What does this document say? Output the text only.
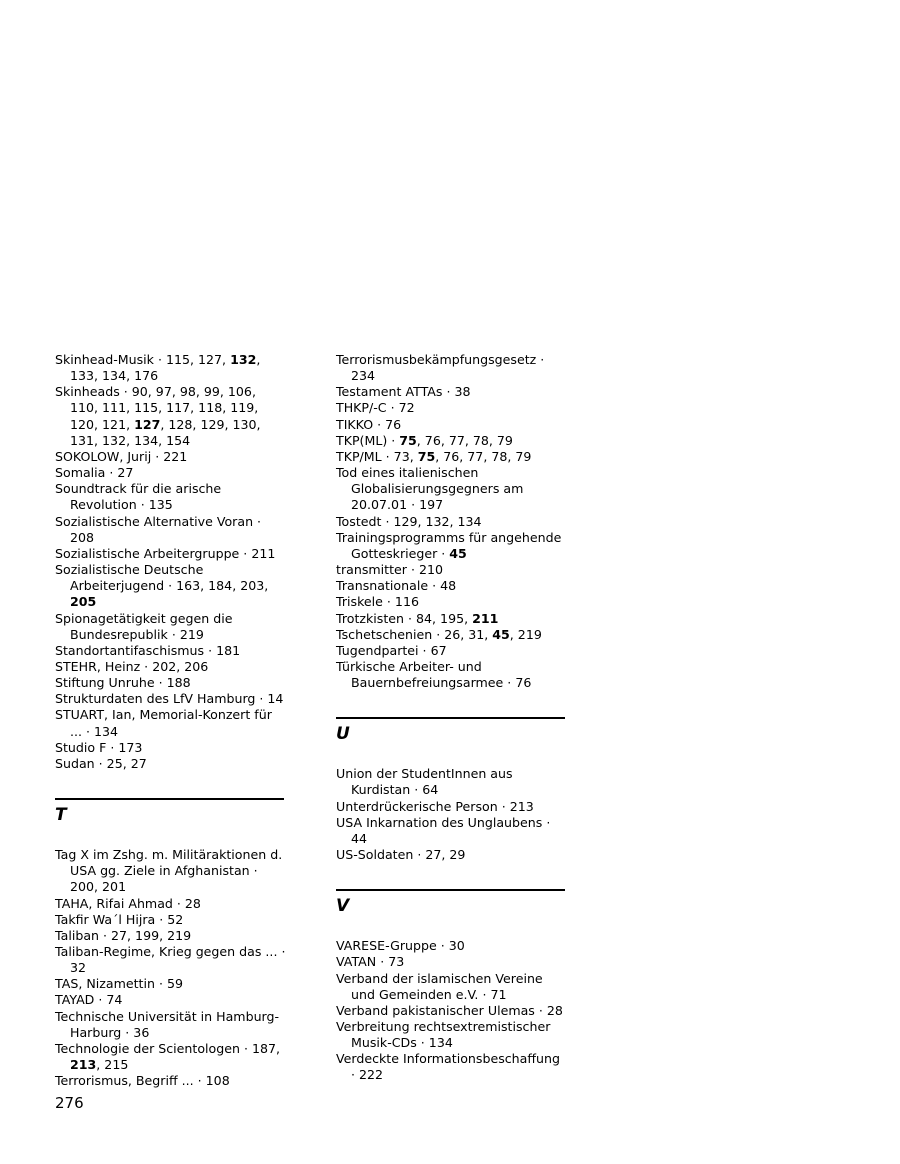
Skinhead-Musik · 115, 127, 132, 133, 134, 176
Skinheads · 90, 97, 98, 99, 106, 110, 111, 115, 117, 118, 119, 120, 121, 127, 128, 129, 130, 131, 132, 134, 154
SOKOLOW, Jurij · 221
Somalia · 27
Soundtrack für die arische Revolution · 135
Sozialistische Alternative Voran · 208
Sozialistische Arbeitergruppe · 211
Sozialistische Deutsche Arbeiterjugend · 163, 184, 203, 205
Spionagetätigkeit gegen die Bundesrepublik · 219
Standortantifaschismus · 181
STEHR, Heinz · 202, 206
Stiftung Unruhe · 188
Strukturdaten des LfV Hamburg · 14
STUART, Ian, Memorial-Konzert für ... · 134
Studio F · 173
Sudan · 25, 27
T
Tag X im Zshg. m. Militäraktionen d. USA gg. Ziele in Afghanistan · 200, 201
TAHA, Rifai Ahmad · 28
Takfir Wa´l Hijra · 52
Taliban · 27, 199, 219
Taliban-Regime, Krieg gegen das ... · 32
TAS, Nizamettin · 59
TAYAD · 74
Technische Universität in Hamburg-Harburg · 36
Technologie der Scientologen · 187, 213, 215
Terrorismus, Begriff ... · 108
Terrorismusbekämpfungsgesetz · 234
Testament ATTAs · 38
THKP/-C · 72
TIKKO · 76
TKP(ML) · 75, 76, 77, 78, 79
TKP/ML · 73, 75, 76, 77, 78, 79
Tod eines italienischen Globalisierungsgegners am 20.07.01 · 197
Tostedt · 129, 132, 134
Trainingsprogramms für angehende Gotteskrieger · 45
transmitter · 210
Transnationale · 48
Triskele · 116
Trotzkisten · 84, 195, 211
Tschetschenien · 26, 31, 45, 219
Tugendpartei · 67
Türkische Arbeiter- und Bauernbefreiungsarmee · 76
U
Union der StudentInnen aus Kurdistan · 64
Unterdrückerische Person · 213
USA Inkarnation des Unglaubens · 44
US-Soldaten · 27, 29
V
VARESE-Gruppe · 30
VATAN · 73
Verband der islamischen Vereine und Gemeinden e.V. · 71
Verband pakistanischer Ulemas · 28
Verbreitung rechtsextremistischer Musik-CDs · 134
Verdeckte Informationsbeschaffung · 222
276
